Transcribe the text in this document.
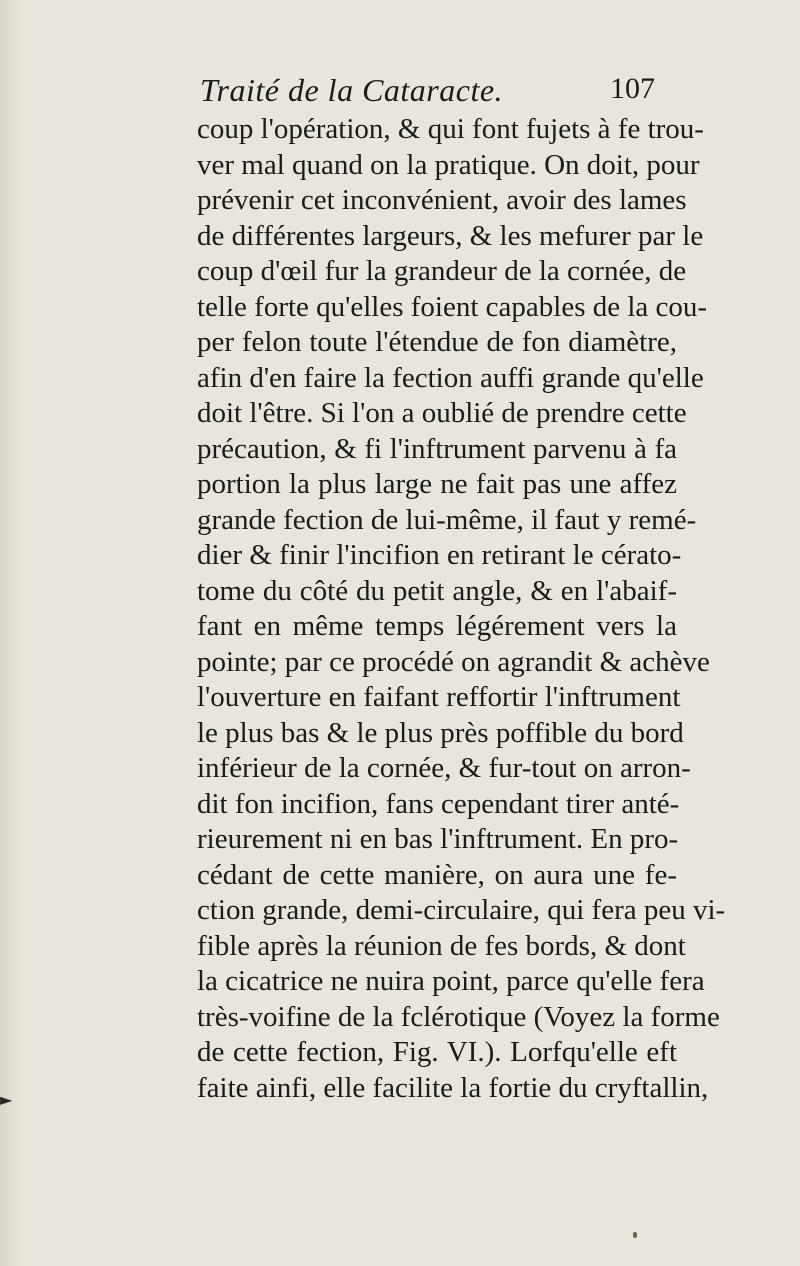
Traité de la Cataracte.	107
coup l'opération, & qui font fujets à fe trou-
ver mal quand on la pratique. On doit, pour
prévenir cet inconvénient, avoir des lames
de différentes largeurs, & les mefurer par le
coup d'œil fur la grandeur de la cornée, de
telle forte qu'elles foient capables de la cou-
per felon toute l'étendue de fon diamètre,
afin d'en faire la fection auffi grande qu'elle
doit l'être. Si l'on a oublié de prendre cette
précaution, & fi l'inftrument parvenu à fa
portion la plus large ne fait pas une affez
grande fection de lui-même, il faut y remé-
dier & finir l'incifion en retirant le cérato-
tome du côté du petit angle, & en l'abaif-
fant en même temps légérement vers la
pointe; par ce procédé on agrandit & achève
l'ouverture en faifant reffortir l'inftrument
le plus bas & le plus près poffible du bord
inférieur de la cornée, & fur-tout on arron-
dit fon incifion, fans cependant tirer anté-
rieurement ni en bas l'inftrument. En pro-
cédant de cette manière, on aura une fe-
ction grande, demi-circulaire, qui fera peu vi-
fible après la réunion de fes bords, & dont
la cicatrice ne nuira point, parce qu'elle fera
très-voifine de la fclérotique (Voyez la forme
de cette fection, Fig. VI.). Lorfqu'elle eft
faite ainfi, elle facilite la fortie du cryftallin,
►
